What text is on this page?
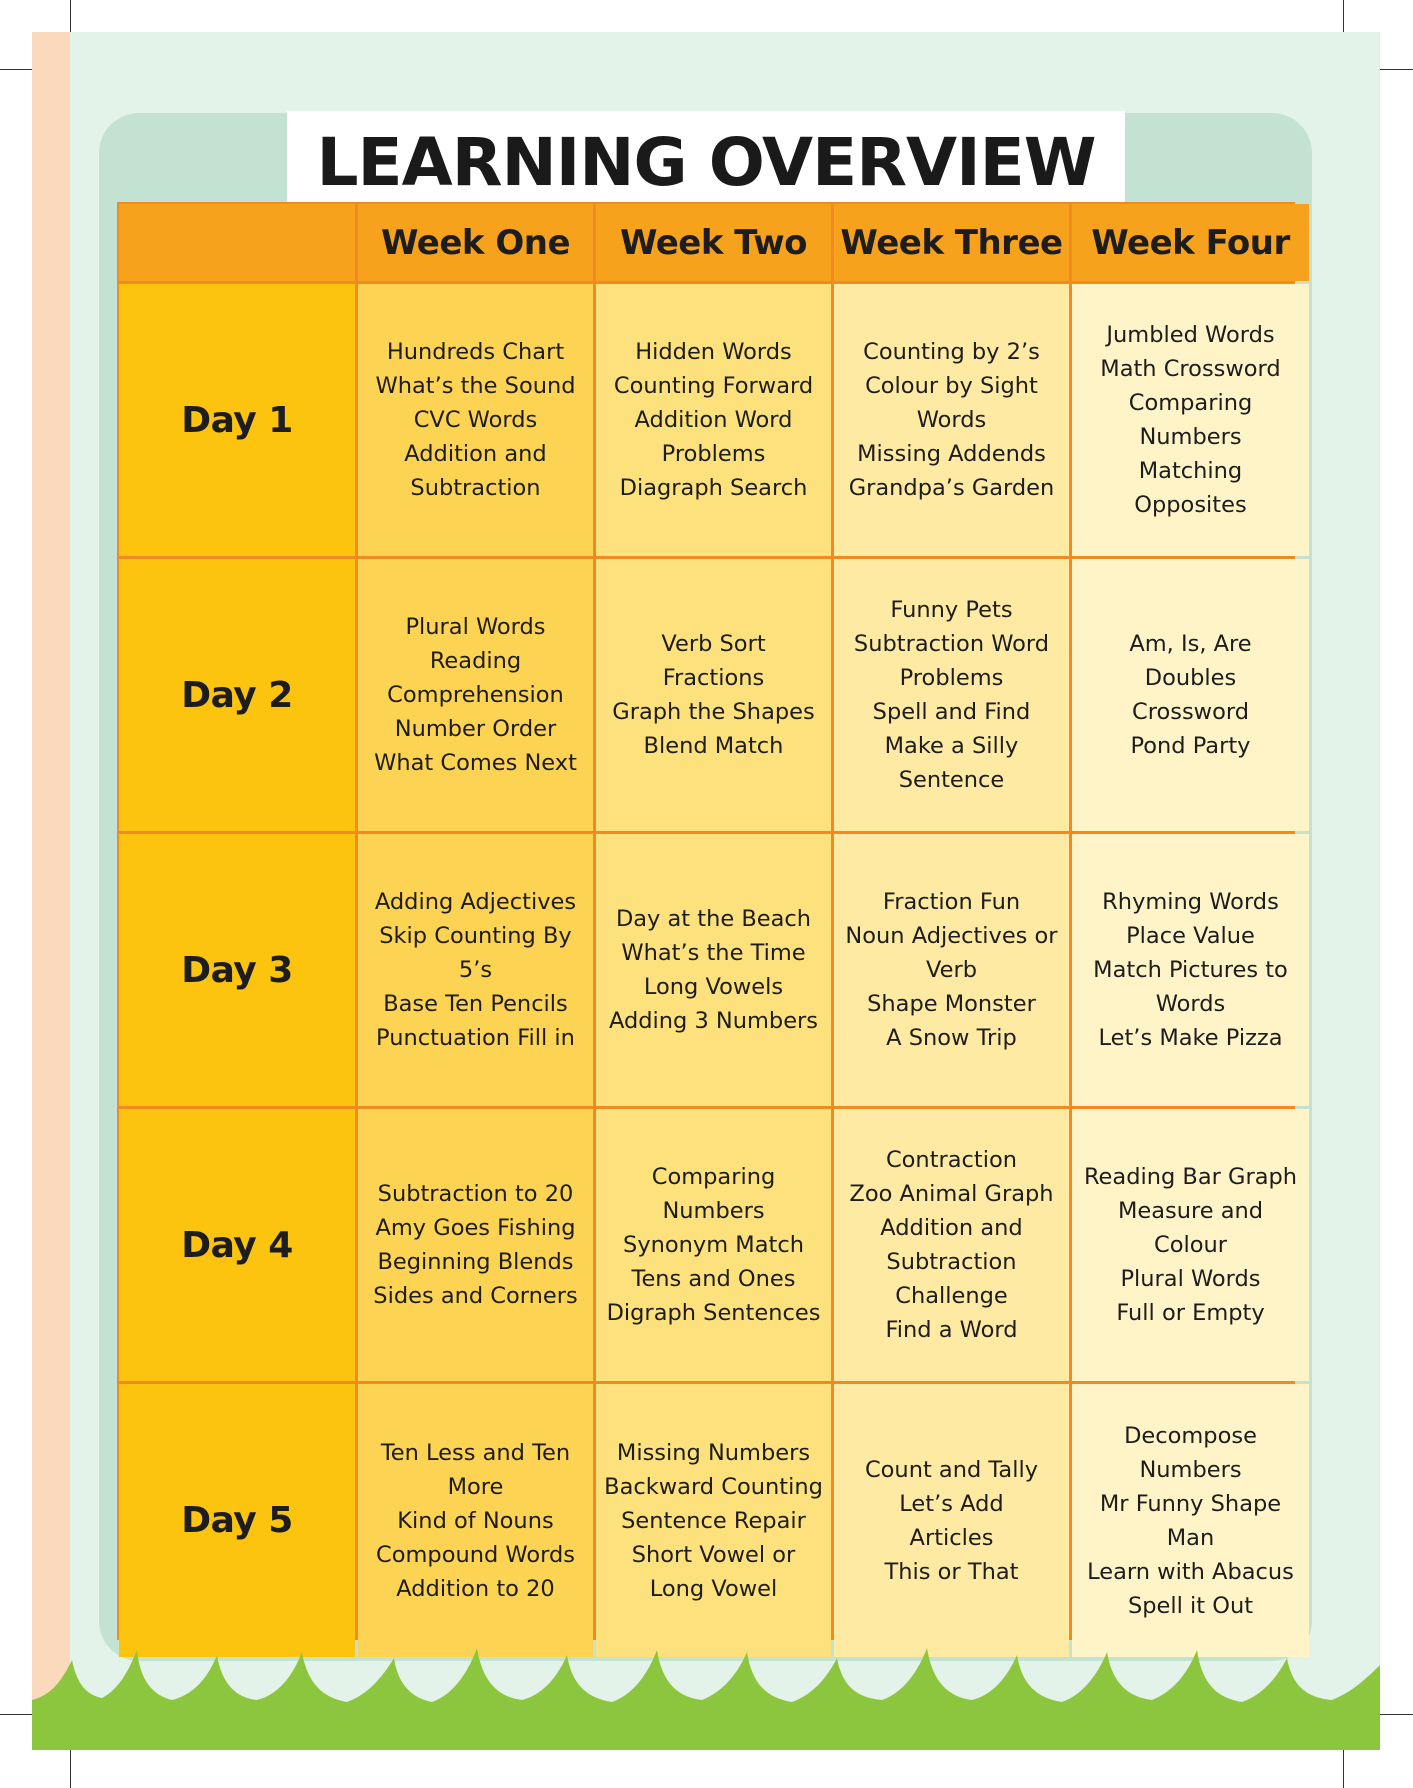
LEARNING OVERVIEW
Week One	Week Two Week Three Week Four
Day 1
Hundreds Chart
What’s the Sound
CVC Words
Addition and
Subtraction
Hidden Words
Counting Forward
Addition Word
Problems
Diagraph Search
Counting by 2’s
Colour by Sight
Words
Missing Addends
Grandpa’s Garden
Jumbled Words
Math Crossword
Comparing
Numbers
Matching
Opposites
Day 2
Plural Words
Reading
Comprehension
Number Order
What Comes Next
Verb Sort
Fractions
Graph the Shapes
Blend Match
Funny Pets
Subtraction Word
Problems
Spell and Find
Make a Silly
Sentence
Am, Is, Are
Doubles
Crossword
Pond Party
Day 3
Adding Adjectives
Skip Counting By
5’s
Base Ten Pencils
Punctuation Fill in
Day at the Beach
What’s the Time
Long Vowels
Adding 3 Numbers
Fraction Fun
Noun Adjectives or
Verb
Shape Monster
A Snow Trip
Rhyming Words
Place Value
Match Pictures to
Words
Let’s Make Pizza
Day 4
Subtraction to 20
Amy Goes Fishing
Beginning Blends
Sides and Corners
Comparing
Numbers
Synonym Match
Tens and Ones
Digraph Sentences
Contraction
Zoo Animal Graph
Addition and
Subtraction
Challenge
Find a Word
Reading Bar Graph
Measure and
Colour
Plural Words
Full or Empty
Day 5
Ten Less and Ten
More
Kind of Nouns
Compound Words
Addition to 20
Missing Numbers
Backward Counting
Sentence Repair
Short Vowel or
Long Vowel
Count and Tally
Let’s Add
Articles
This or That
Decompose
Numbers
Mr Funny Shape
Man
Learn with Abacus
Spell it Out
